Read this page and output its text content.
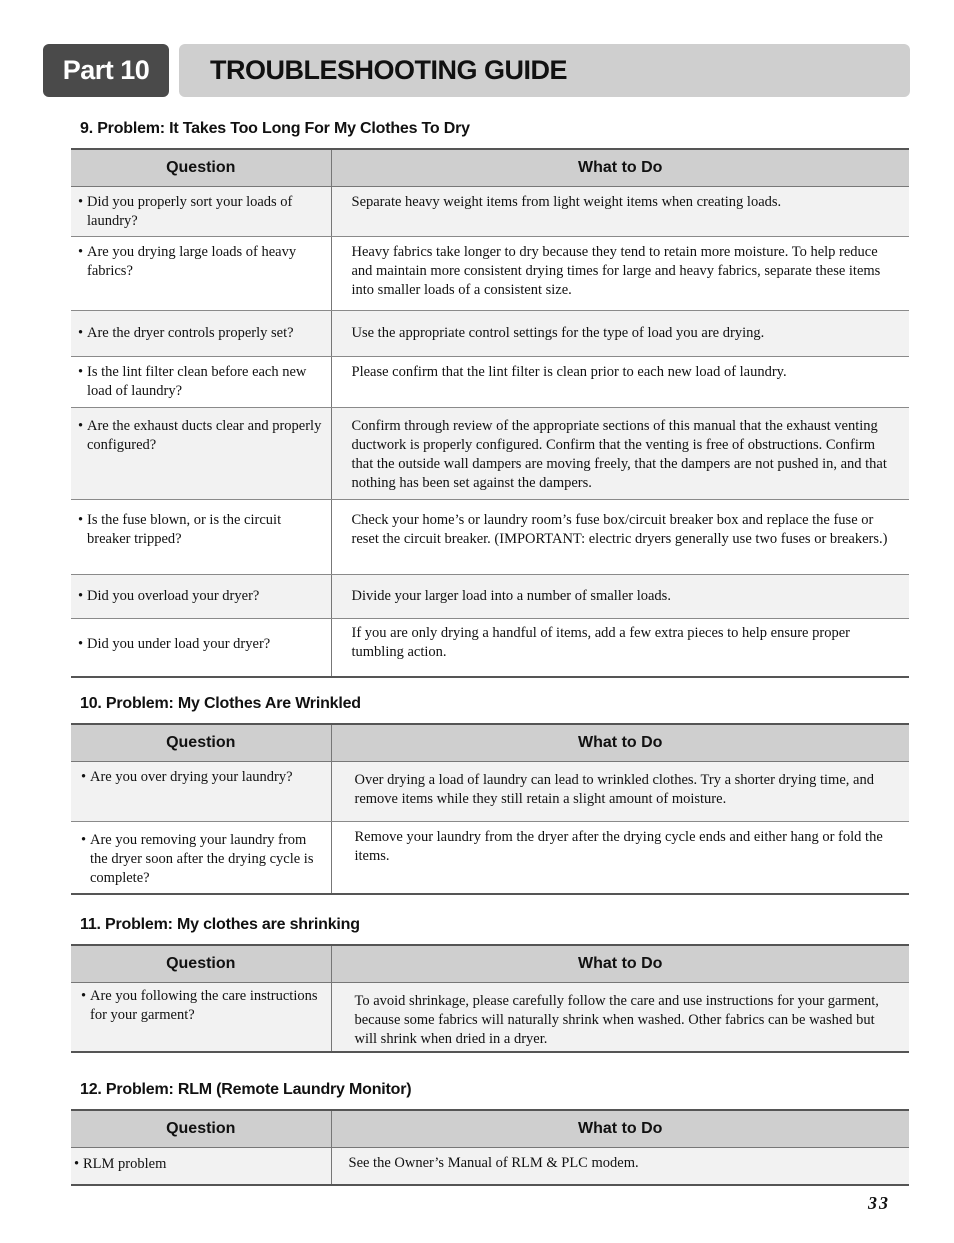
Part 10	TROUBLESHOOTING GUIDE
9. Problem: It Takes Too Long For My Clothes To Dry
Question	What to Do

• Did you properly sort your loads of laundry?	Separate heavy weight items from light weight items when creating loads.

• Are you drying large loads of heavy fabrics?	Heavy fabrics take longer to dry because they tend to retain more moisture. To help reduce and maintain more consistent drying times for large and heavy fabrics, separate these items into smaller loads of a consistent size.

• Are the dryer controls properly set?	Use the appropriate control settings for the type of load you are drying.

• Is the lint filter clean before each new load of laundry?	Please confirm that the lint filter is clean prior to each new load of laundry.

• Are the exhaust ducts clear and properly configured?	Confirm through review of the appropriate sections of this manual that the exhaust venting ductwork is properly configured. Confirm that the venting is free of obstructions. Confirm that the outside wall dampers are moving freely, that the dampers are not pushed in, and that nothing has been set against the dampers.

• Is the fuse blown, or is the circuit breaker tripped?	Check your home’s or laundry room’s fuse box/circuit breaker box and replace the fuse or reset the circuit breaker. (IMPORTANT: electric dryers generally use two fuses or breakers.)

• Did you overload your dryer?	Divide your larger load into a number of smaller loads.

• Did you under load your dryer?	If you are only drying a handful of items, add a few extra pieces to help ensure proper tumbling action.
10. Problem: My Clothes Are Wrinkled
Question	What to Do

• Are you over drying your laundry?	Over drying a load of laundry can lead to wrinkled clothes. Try a shorter drying time, and remove items while they still retain a slight amount of moisture.

• Are you removing your laundry from the dryer soon after the drying cycle is complete?	Remove your laundry from the dryer after the drying cycle ends and either hang or fold the items.
11. Problem: My clothes are shrinking
Question	What to Do

• Are you following the care instructions for your garment?	To avoid shrinkage, please carefully follow the care and use instructions for your garment, because some fabrics will naturally shrink when washed. Other fabrics can be washed but will shrink when dried in a dryer.
12. Problem: RLM (Remote Laundry Monitor)
Question	What to Do

• RLM problem	See the Owner’s Manual of RLM & PLC modem.
33
